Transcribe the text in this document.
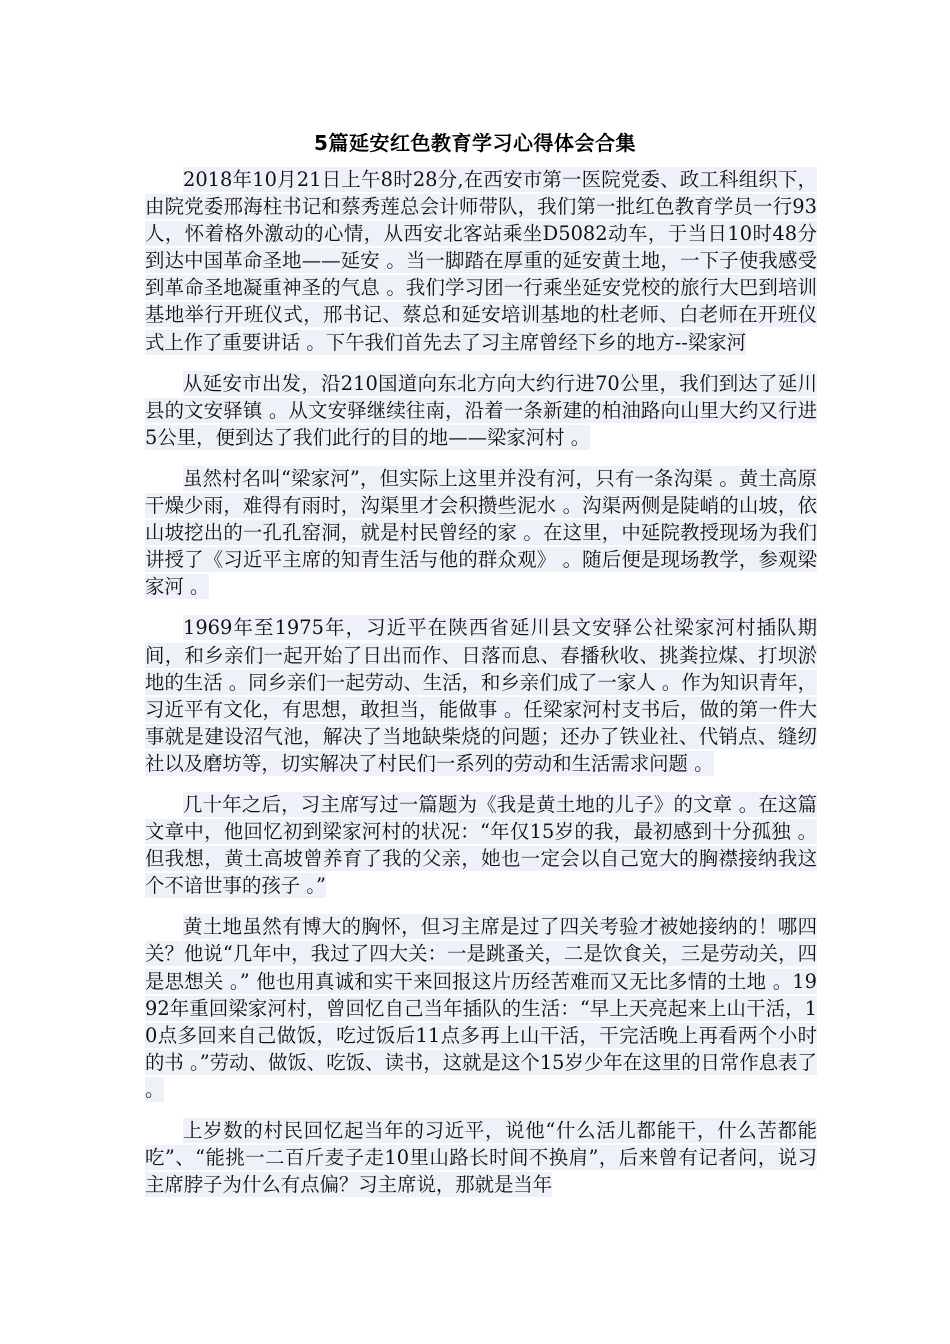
5篇延安红色教育学习心得体会合集

2018年10月21日上午8时28分,在西安市第一医院党委、政工科组织下，由院党委邢海柱书记和蔡秀莲总会计师带队，我们第一批红色教育学员一行93人，怀着格外激动的心情，从西安北客站乘坐D5082动车，于当日10时48分到达中国革命圣地——延安 。当一脚踏在厚重的延安黄土地，一下子使我感受到革命圣地凝重神圣的气息 。我们学习团一行乘坐延安党校的旅行大巴到培训基地举行开班仪式，邢书记、蔡总和延安培训基地的杜老师、白老师在开班仪式上作了重要讲话 。下午我们首先去了习主席曾经下乡的地方--梁家河

从延安市出发，沿210国道向东北方向大约行进70公里，我们到达了延川县的文安驿镇 。从文安驿继续往南，沿着一条新建的柏油路向山里大约又行进5公里，便到达了我们此行的目的地——梁家河村 。

虽然村名叫“梁家河”，但实际上这里并没有河，只有一条沟渠 。黄土高原干燥少雨，难得有雨时，沟渠里才会积攒些泥水 。沟渠两侧是陡峭的山坡，依山坡挖出的一孔孔窑洞，就是村民曾经的家 。在这里，中延院教授现场为我们讲授了《习近平主席的知青生活与他的群众观》 。随后便是现场教学，参观梁家河 。

1969年至1975年，习近平在陕西省延川县文安驿公社梁家河村插队期间，和乡亲们一起开始了日出而作、日落而息、春播秋收、挑粪拉煤、打坝淤地的生活 。同乡亲们一起劳动、生活，和乡亲们成了一家人 。作为知识青年，习近平有文化，有思想，敢担当，能做事 。任梁家河村支书后，做的第一件大事就是建设沼气池，解决了当地缺柴烧的问题；还办了铁业社、代销点、缝纫社以及磨坊等，切实解决了村民们一系列的劳动和生活需求问题 。

几十年之后，习主席写过一篇题为《我是黄土地的儿子》的文章 。在这篇文章中，他回忆初到梁家河村的状况：“年仅15岁的我，最初感到十分孤独 。但我想，黄土高坡曾养育了我的父亲，她也一定会以自己宽大的胸襟接纳我这个不谙世事的孩子 。”

黄土地虽然有博大的胸怀，但习主席是过了四关考验才被她接纳的！哪四关？他说“几年中，我过了四大关：一是跳蚤关，二是饮食关，三是劳动关，四是思想关 。” 他也用真诚和实干来回报这片历经苦难而又无比多情的土地 。1992年重回梁家河村，曾回忆自己当年插队的生活：“早上天亮起来上山干活，10点多回来自己做饭，吃过饭后11点多再上山干活，干完活晚上再看两个小时的书 。”劳动、做饭、吃饭、读书，这就是这个15岁少年在这里的日常作息表了 。

上岁数的村民回忆起当年的习近平，说他“什么活儿都能干，什么苦都能吃”、“能挑一二百斤麦子走10里山路长时间不换肩”，后来曾有记者问，说习主席脖子为什么有点偏？习主席说，那就是当年
